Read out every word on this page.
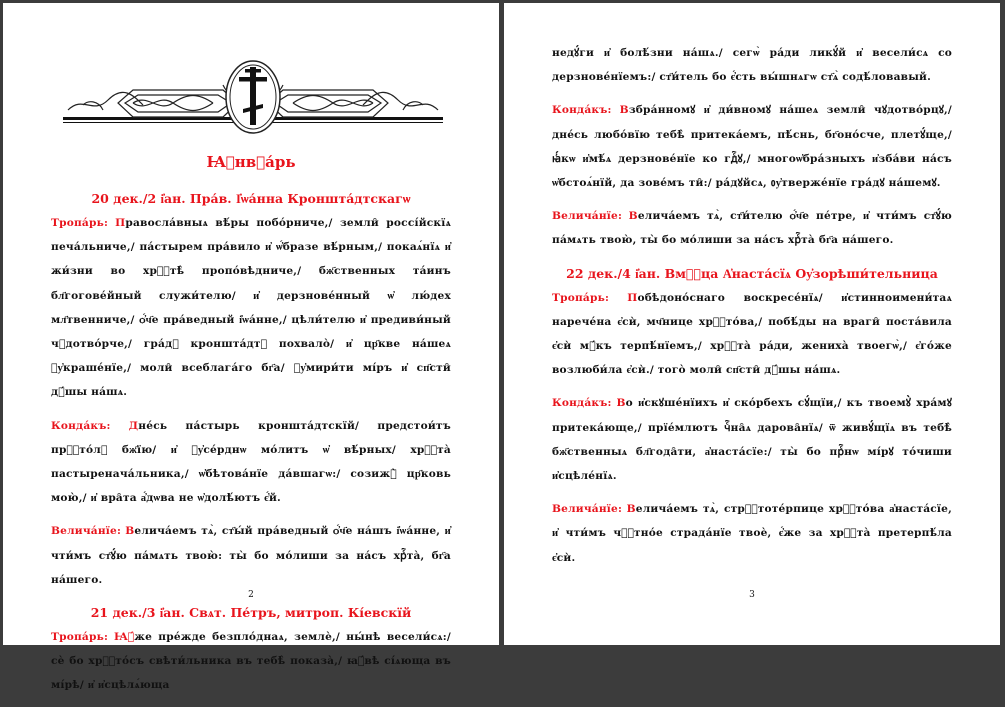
Ꙗ҆нвꙋа́рь
20 дек./2 і҆ан. Пра́в. І҆ѡа́нна Кроншта́дтскагѡ

Тропа́рь: Правосла́вныѧ вѣ́ры побо́рниче,/ земли̑ россі́йскїѧ печа́льниче,/ па́стырем пра́вило и҆ ѡ҆́бразе вѣ́рным,/ покаѧ́нїѧ и҆ жи́зни во хрⷭ҇тѣ̀ пропо́вѣдниче,/ бж҃ственных та́инъ бл҃гогове́йный служи́телю/ и҆ дерзнове́нный ѡ҆ лю́дех мл҃твенниче,/ ѻ҆́ч҃е пра́ведный і҆ѡа́нне,/ цѣли́телю и҆ предиви́ный чꙋдотво́рче,/ гра́дꙋ кроншта́дтꙋ похвало̀/ и҆ цр҃кве на́шеѧ ᲂу҆краше́нїе,/ моли̑ всеблага́го бг҃а/ ᲂу҆мири́ти мі́ръ и҆ сп҃сти̑ дꙋ́шы на́шѧ.

Конда́къ: Дне́сь па́стырь кроншта́дтскїй/ предстои́тъ прⷭ҇то́лꙋ бж҃їю/ и҆ ᲂу҆се́рднѡ мо́литъ ѡ҆ вѣ́рных/ хрⷭ҇та̀ пастыренача́льника,/ ѡ҆бѣтова́нїе да́вшагѡ:/ созижꙋ̀ цр҃ковь мою̀,/ и҆ вра̑та а҆́дѡва не ѡ҆долѣ́ютъ є҆́й.

Велича́нїе: Велича́емъ тѧ̀, ст҃ы́й пра́ведный ѻ҆́ч҃е на́шъ і҆ѡа́нне, и҆ чти́мъ ст҃ꙋ́ю па́мѧть твою̀: ты̀ бо мо́лиши за на́съ хрⷭ҇та̀, бг҃а на́шего.

21 дек./3 і҆ан. Свѧт. Пе́тръ, митроп. Кі́евскїй

Тропа́рь: Ꙗ҆́же пре́жде безпло́днаѧ, землѐ,/ ны́нѣ весели́сѧ:/ сѐ бо хрⷭ҇то́съ свѣти́льника въ тебѣ̀ показа̀,/ ꙗ҆́вѣ сі́ѧюща въ мі́рѣ/ и҆ и҆сцѣлѧ́юща

2

недꙋ́ги и҆ болѣ́зни на́шѧ./ сегѡ̀ ра́ди ликꙋ́й и҆ весели́сѧ со дерзнове́нїемъ:/ ст҃и́тель бо є҆́сть вы́шнѧгѡ ст҃ѧ̀ содѣ́ловавый.

Конда́къ: Взбра́нномꙋ и҆ ди́вномꙋ на́шеѧ земли̑ чꙋдотво́рцꙋ,/ дне́сь любо́вїю тебѣ̀ притека́емъ, пѣ́снь, бг҃оно́сче, плетꙋ́ще,/ ꙗ҆́кѡ и҆мѣ́ѧ дерзнове́нїе ко гдⷭ҇ꙋ,/ многоѡ҆бра́зныхъ и҆зба́ви на́съ ѡ҆бстоѧ́нїй, да зове́мъ ти̑:/ ра́дꙋйсѧ, ᲂу҆тверже́нїе гра́дꙋ на́шемꙋ.

Велича́нїе: Велича́емъ тѧ̀, ст҃и́телю ѻ҆́ч҃е пе́тре, и҆ чти́мъ ст҃ꙋ́ю па́мѧть твою̀, ты̀ бо мо́лиши за на́съ хрⷭ҇та̀ бг҃а на́шего.

22 дек./4 і҆ан. Вмⷱ҇ца А҆наста́сїѧ Оу҆зорѣши́тельница

Тропа́рь: Побѣдоно́снаго воскресе́нїѧ/ и҆стинноимени́таѧ нарече́на є҆сѝ, мч҃нице хрⷭ҇то́ва,/ побѣ́ды на враги̑ поста́вила є҆сѝ мꙋ́къ терпѣ́нїемъ,/ хрⷭ҇та̀ ра́ди, жениха̀ твоегѡ̀,/ є҆го́же возлюби́ла є҆сѝ./ того̀ моли̑ сп҃сти̑ дꙋ́шы на́шѧ.

Конда́къ: Во и҆скꙋше́нїихъ и҆ ско́рбехъ сꙋ́щїи,/ къ твоемꙋ̀ хра́мꙋ притека́юще,/ прїе́млютъ чⷭ҇на̑ѧ дарова̑нїѧ/ ѿ живꙋ́щїѧ въ тебѣ̀ бж҃ственныѧ бл҃года̑ти, а҆наста́сїе:/ ты̀ бо прⷭ҇нѡ мі́рꙋ то́чиши и҆сцѣле́нїѧ.

Велича́нїе: Велича́емъ тѧ̀, стрⷭ҇тоте́рпице хрⷭ҇то́ва а҆наста́сїе, и҆ чти́мъ чⷭ҇тно́е страда́нїе твоѐ, є҆́же за хрⷭ҇та̀ претерпѣ́ла є҆сѝ.

3
